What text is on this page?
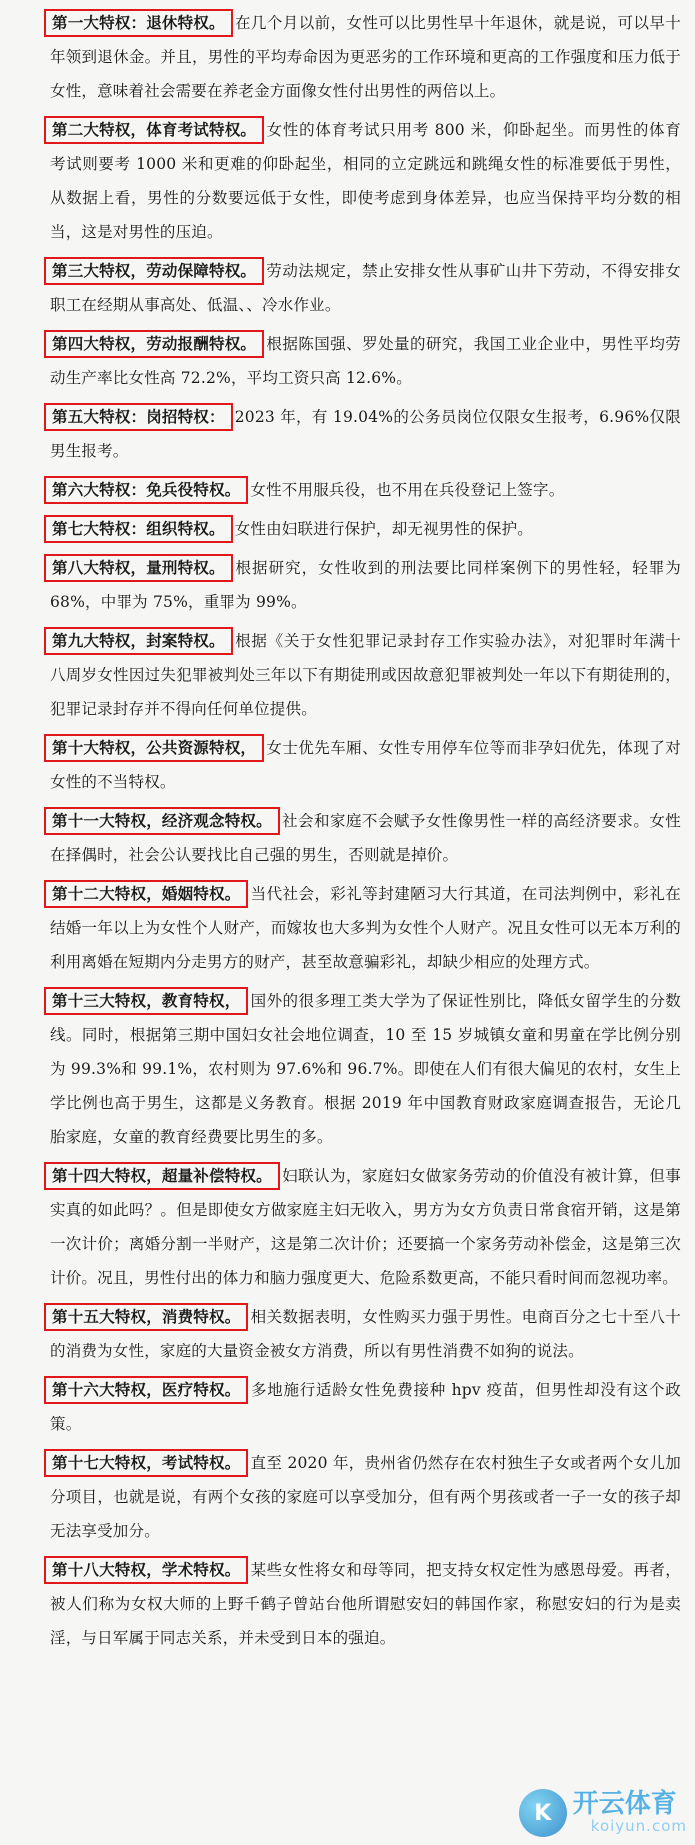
第一大特权：退休特权。 在几个月以前，女性可以比男性早十年退休，就是说，可以早十年领到退休金。并且，男性的平均寿命因为更恶劣的工作环境和更高的工作强度和压力低于女性，意味着社会需要在养老金方面像女性付出男性的两倍以上。

第二大特权，体育考试特权。 女性的体育考试只用考 800 米，仰卧起坐。而男性的体育考试则要考 1000 米和更难的仰卧起坐，相同的立定跳远和跳绳女性的标准要低于男性，从数据上看，男性的分数要远低于女性，即使考虑到身体差异，也应当保持平均分数的相当，这是对男性的压迫。

第三大特权，劳动保障特权。 劳动法规定，禁止安排女性从事矿山井下劳动，不得安排女职工在经期从事高处、低温、、冷水作业。

第四大特权，劳动报酬特权。 根据陈国强、罗处量的研究，我国工业企业中，男性平均劳动生产率比女性高 72.2%，平均工资只高 12.6%。

第五大特权：岗招特权： 2023 年，有 19.04%的公务员岗位仅限女生报考，6.96%仅限男生报考。

第六大特权：免兵役特权。 女性不用服兵役，也不用在兵役登记上签字。

第七大特权：组织特权。 女性由妇联进行保护，却无视男性的保护。

第八大特权，量刑特权。 根据研究，女性收到的刑法要比同样案例下的男性轻，轻罪为 68%，中罪为 75%，重罪为 99%。

第九大特权，封案特权。 根据《关于女性犯罪记录封存工作实验办法》，对犯罪时年满十八周岁女性因过失犯罪被判处三年以下有期徒刑或因故意犯罪被判处一年以下有期徒刑的，犯罪记录封存并不得向任何单位提供。

第十大特权，公共资源特权， 女士优先车厢、女性专用停车位等而非孕妇优先，体现了对女性的不当特权。

第十一大特权，经济观念特权。 社会和家庭不会赋予女性像男性一样的高经济要求。女性在择偶时，社会公认要找比自己强的男生，否则就是掉价。

第十二大特权，婚姻特权。 当代社会，彩礼等封建陋习大行其道，在司法判例中，彩礼在结婚一年以上为女性个人财产，而嫁妆也大多判为女性个人财产。况且女性可以无本万利的利用离婚在短期内分走男方的财产，甚至故意骗彩礼，却缺少相应的处理方式。

第十三大特权，教育特权， 国外的很多理工类大学为了保证性别比，降低女留学生的分数线。同时，根据第三期中国妇女社会地位调查，10 至 15 岁城镇女童和男童在学比例分别为 99.3%和 99.1%，农村则为 97.6%和 96.7%。即使在人们有很大偏见的农村，女生上学比例也高于男生，这都是义务教育。根据 2019 年中国教育财政家庭调查报告，无论几胎家庭，女童的教育经费要比男生的多。

第十四大特权，超量补偿特权。 妇联认为，家庭妇女做家务劳动的价值没有被计算，但事实真的如此吗？。但是即使女方做家庭主妇无收入，男方为女方负责日常食宿开销，这是第一次计价；离婚分割一半财产，这是第二次计价；还要搞一个家务劳动补偿金，这是第三次计价。况且，男性付出的体力和脑力强度更大、危险系数更高，不能只看时间而忽视功率。

第十五大特权，消费特权。 相关数据表明，女性购买力强于男性。电商百分之七十至八十的消费为女性，家庭的大量资金被女方消费，所以有男性消费不如狗的说法。

第十六大特权，医疗特权。 多地施行适龄女性免费接种 hpv 疫苗，但男性却没有这个政策。

第十七大特权，考试特权。 直至 2020 年，贵州省仍然存在农村独生子女或者两个女儿加分项目，也就是说，有两个女孩的家庭可以享受加分，但有两个男孩或者一子一女的孩子却无法享受加分。

第十八大特权，学术特权。 某些女性将女和母等同，把支持女权定性为感恩母爱。再者，被人们称为女权大师的上野千鹤子曾站台他所谓慰安妇的韩国作家，称慰安妇的行为是卖淫，与日军属于同志关系，并未受到日本的强迫。

K 开云体育
koiyun.com
